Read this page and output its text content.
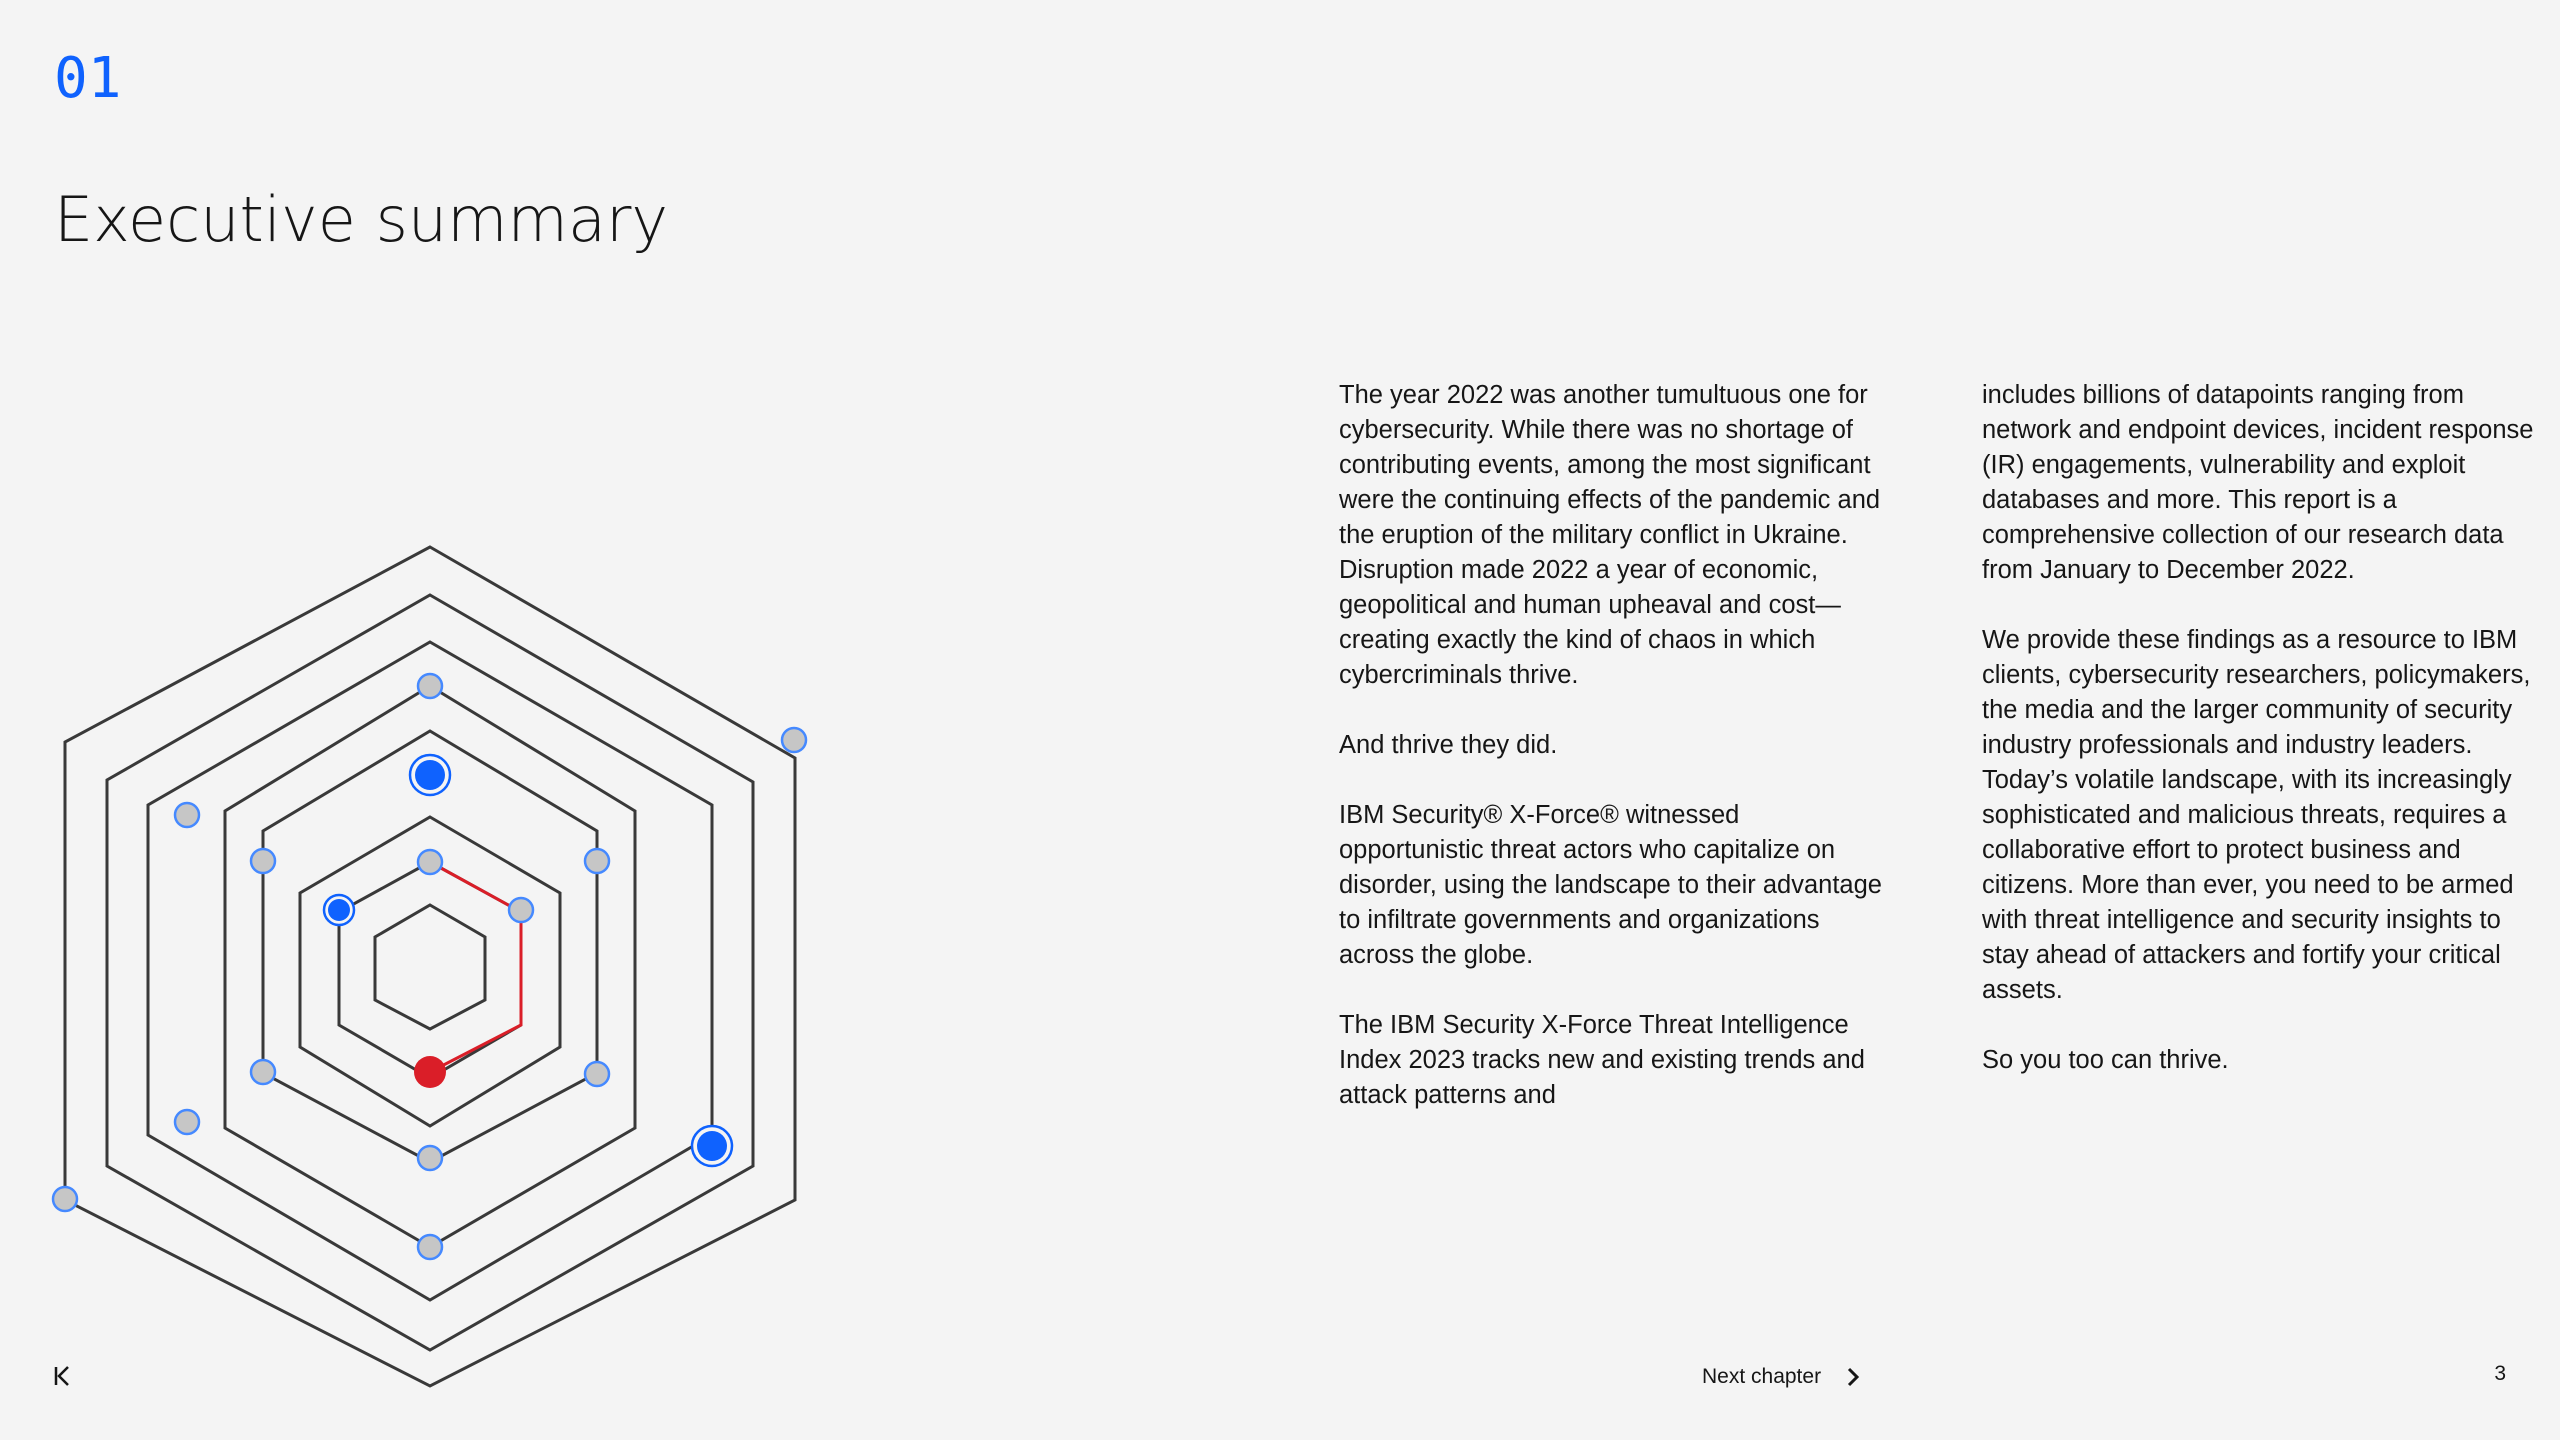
01
Executive summary

The year 2022 was another tumultuous one for cybersecurity. While there was no shortage of contributing events, among the most significant were the continuing effects of the pandemic and the eruption of the military conflict in Ukraine. Disruption made 2022 a year of economic, geopolitical and human upheaval and cost—creating exactly the kind of chaos in which cybercriminals thrive.

And thrive they did.

IBM Security® X-Force® witnessed opportunistic threat actors who capitalize on disorder, using the landscape to their advantage to infiltrate governments and organizations across the globe.

The IBM Security X-Force Threat Intelligence Index 2023 tracks new and existing trends and attack patterns and

includes billions of datapoints ranging from network and endpoint devices, incident response (IR) engagements, vulnerability and exploit databases and more. This report is a comprehensive collection of our research data from January to December 2022.

We provide these findings as a resource to IBM clients, cybersecurity researchers, policymakers, the media and the larger community of security industry professionals and industry leaders. Today’s volatile landscape, with its increasingly sophisticated and malicious threats, requires a collaborative effort to protect business and citizens. More than ever, you need to be armed with threat intelligence and security insights to stay ahead of attackers and fortify your critical assets.

So you too can thrive.

Next chapter	3
